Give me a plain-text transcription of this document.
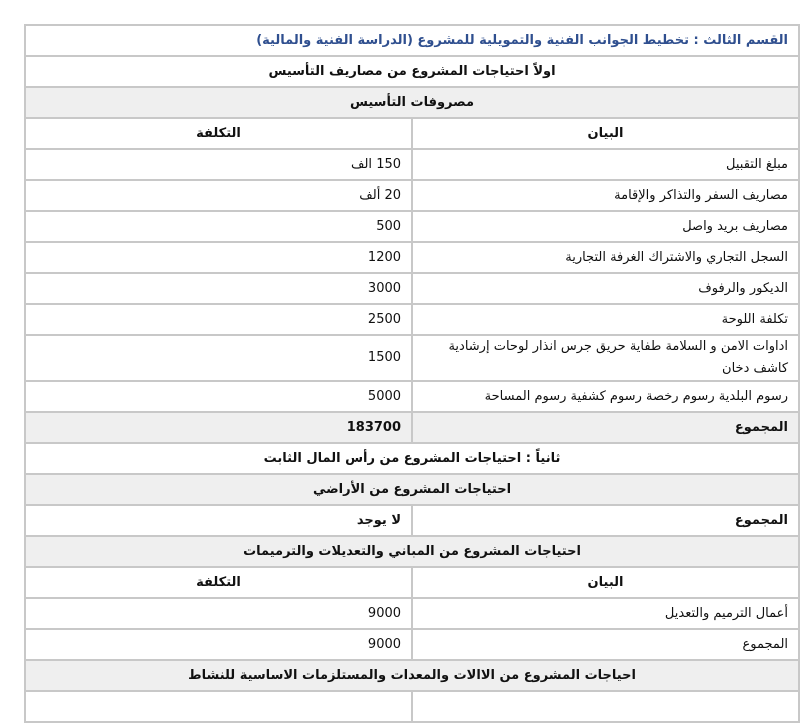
القسم الثالث : تخطيط الجوانب الفنية والتمويلية للمشروع (الدراسة الفنية والمالية)	
اولاً احتياجات المشروع من مصاريف التأسيس	
مصروفات التأسيس	
البيان	التكلفة
مبلغ التقبيل	150 الف
مصاريف السفر والتذاكر والإقامة	20 ألف
مصاريف بريد واصل	500
السجل التجاري والاشتراك الغرفة التجارية	1200
الديكور والرفوف	3000
تكلفة اللوحة	2500
اداوات الامن و السلامة طفاية حريق جرس انذار لوحات إرشادية كاشف دخان	1500
رسوم البلدية رسوم رخصة رسوم كشفية رسوم المساحة	5000
المجموع	183700
ثانياً : احتياجات المشروع من رأس المال الثابت	
احتياجات المشروع من الأراضي	
المجموع	لا يوجد
احتياجات المشروع من المباني والتعديلات والترميمات	
البيان	التكلفة
أعمال الترميم والتعديل	9000
المجموع	9000
احياجات المشروع من الاالات والمعدات والمستلزمات الاساسية للنشاط	
